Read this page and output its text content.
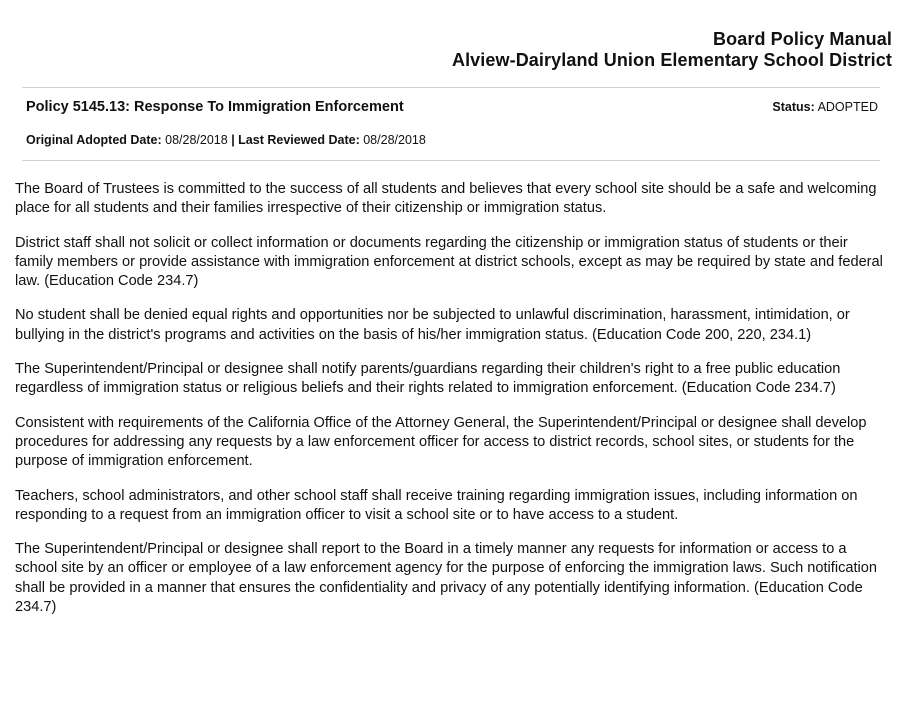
Board Policy Manual
Alview-Dairyland Union Elementary School District
Policy 5145.13: Response To Immigration Enforcement	Status: ADOPTED
Original Adopted Date: 08/28/2018 | Last Reviewed Date: 08/28/2018

The Board of Trustees is committed to the success of all students and believes that every school site should be a safe and welcoming place for all students and their families irrespective of their citizenship or immigration status.

District staff shall not solicit or collect information or documents regarding the citizenship or immigration status of students or their family members or provide assistance with immigration enforcement at district schools, except as may be required by state and federal law. (Education Code 234.7)

No student shall be denied equal rights and opportunities nor be subjected to unlawful discrimination, harassment, intimidation, or bullying in the district's programs and activities on the basis of his/her immigration status. (Education Code 200, 220, 234.1)

The Superintendent/Principal or designee shall notify parents/guardians regarding their children's right to a free public education regardless of immigration status or religious beliefs and their rights related to immigration enforcement. (Education Code 234.7)

Consistent with requirements of the California Office of the Attorney General, the Superintendent/Principal or designee shall develop procedures for addressing any requests by a law enforcement officer for access to district records, school sites, or students for the purpose of immigration enforcement.

Teachers, school administrators, and other school staff shall receive training regarding immigration issues, including information on responding to a request from an immigration officer to visit a school site or to have access to a student.

The Superintendent/Principal or designee shall report to the Board in a timely manner any requests for information or access to a school site by an officer or employee of a law enforcement agency for the purpose of enforcing the immigration laws. Such notification shall be provided in a manner that ensures the confidentiality and privacy of any potentially identifying information. (Education Code 234.7)
